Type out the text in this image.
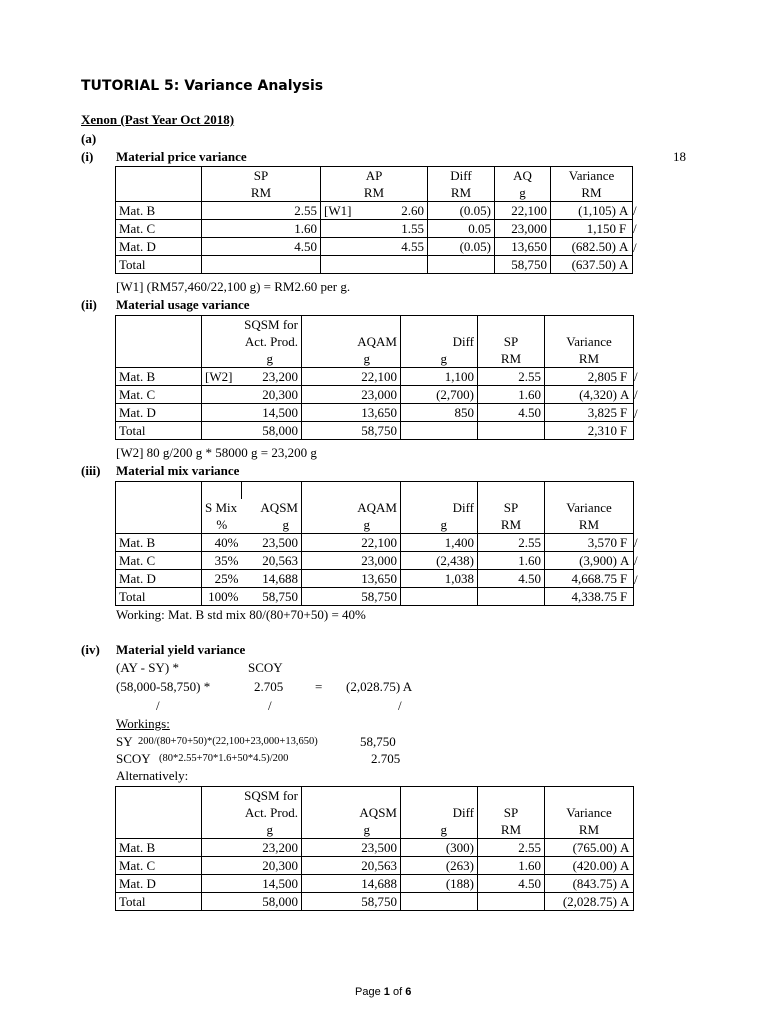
TUTORIAL 5: Variance Analysis
Xenon (Past Year Oct 2018)
(a)
(i) Material price variance	18
	SP	AP	Diff	AQ	Variance
	RM	RM	RM	g	RM
Mat. B	2.55	[W1] 2.60	(0.05)	22,100	(1,105) A
Mat. C	1.60	1.55	0.05	23,000	1,150 F
Mat. D	4.50	4.55	(0.05)	13,650	(682.50) A
Total				58,750	(637.50) A
/
/
/
[W1] (RM57,460/22,100 g) = RM2.60 per g.
(ii) Material usage variance
	SQSM for				
	Act. Prod.	AQAM	Diff	SP	Variance
	g	g	g	RM	RM
Mat. B	[W2] 23,200	22,100	1,100	2.55	2,805 F
Mat. C	20,300	23,000	(2,700)	1.60	(4,320) A
Mat. D	14,500	13,650	850	4.50	3,825 F
Total	58,000	58,750			2,310 F
/
/
/
[W2] 80 g/200 g * 58000 g = 23,200 g
(iii) Material mix variance

	S Mix	AQSM	AQAM	Diff	SP	Variance
	%	g	g	g	RM	RM
Mat. B	40%	23,500	22,100	1,400	2.55	3,570 F
Mat. C	35%	20,563	23,000	(2,438)	1.60	(3,900) A
Mat. D	25%	14,688	13,650	1,038	4.50	4,668.75 F
Total	100%	58,750	58,750			4,338.75 F
/
/
/
Working: Mat. B std mix 80/(80+70+50) = 40%
(iv) Material yield variance
(AY - SY) *	SCOY
(58,000-58,750) *	2.705 = (2,028.75) A
/	/	/
Workings:
SY 200/(80+70+50)*(22,100+23,000+13,650)	58,750
SCOY (80*2.55+70*1.6+50*4.5)/200	2.705
Alternatively:
	SQSM for				
	Act. Prod.	AQSM	Diff	SP	Variance
	g	g	g	RM	RM
Mat. B	23,200	23,500	(300)	2.55	(765.00) A
Mat. C	20,300	20,563	(263)	1.60	(420.00) A
Mat. D	14,500	14,688	(188)	4.50	(843.75) A
Total	58,000	58,750			(2,028.75) A
Page 1 of 6
